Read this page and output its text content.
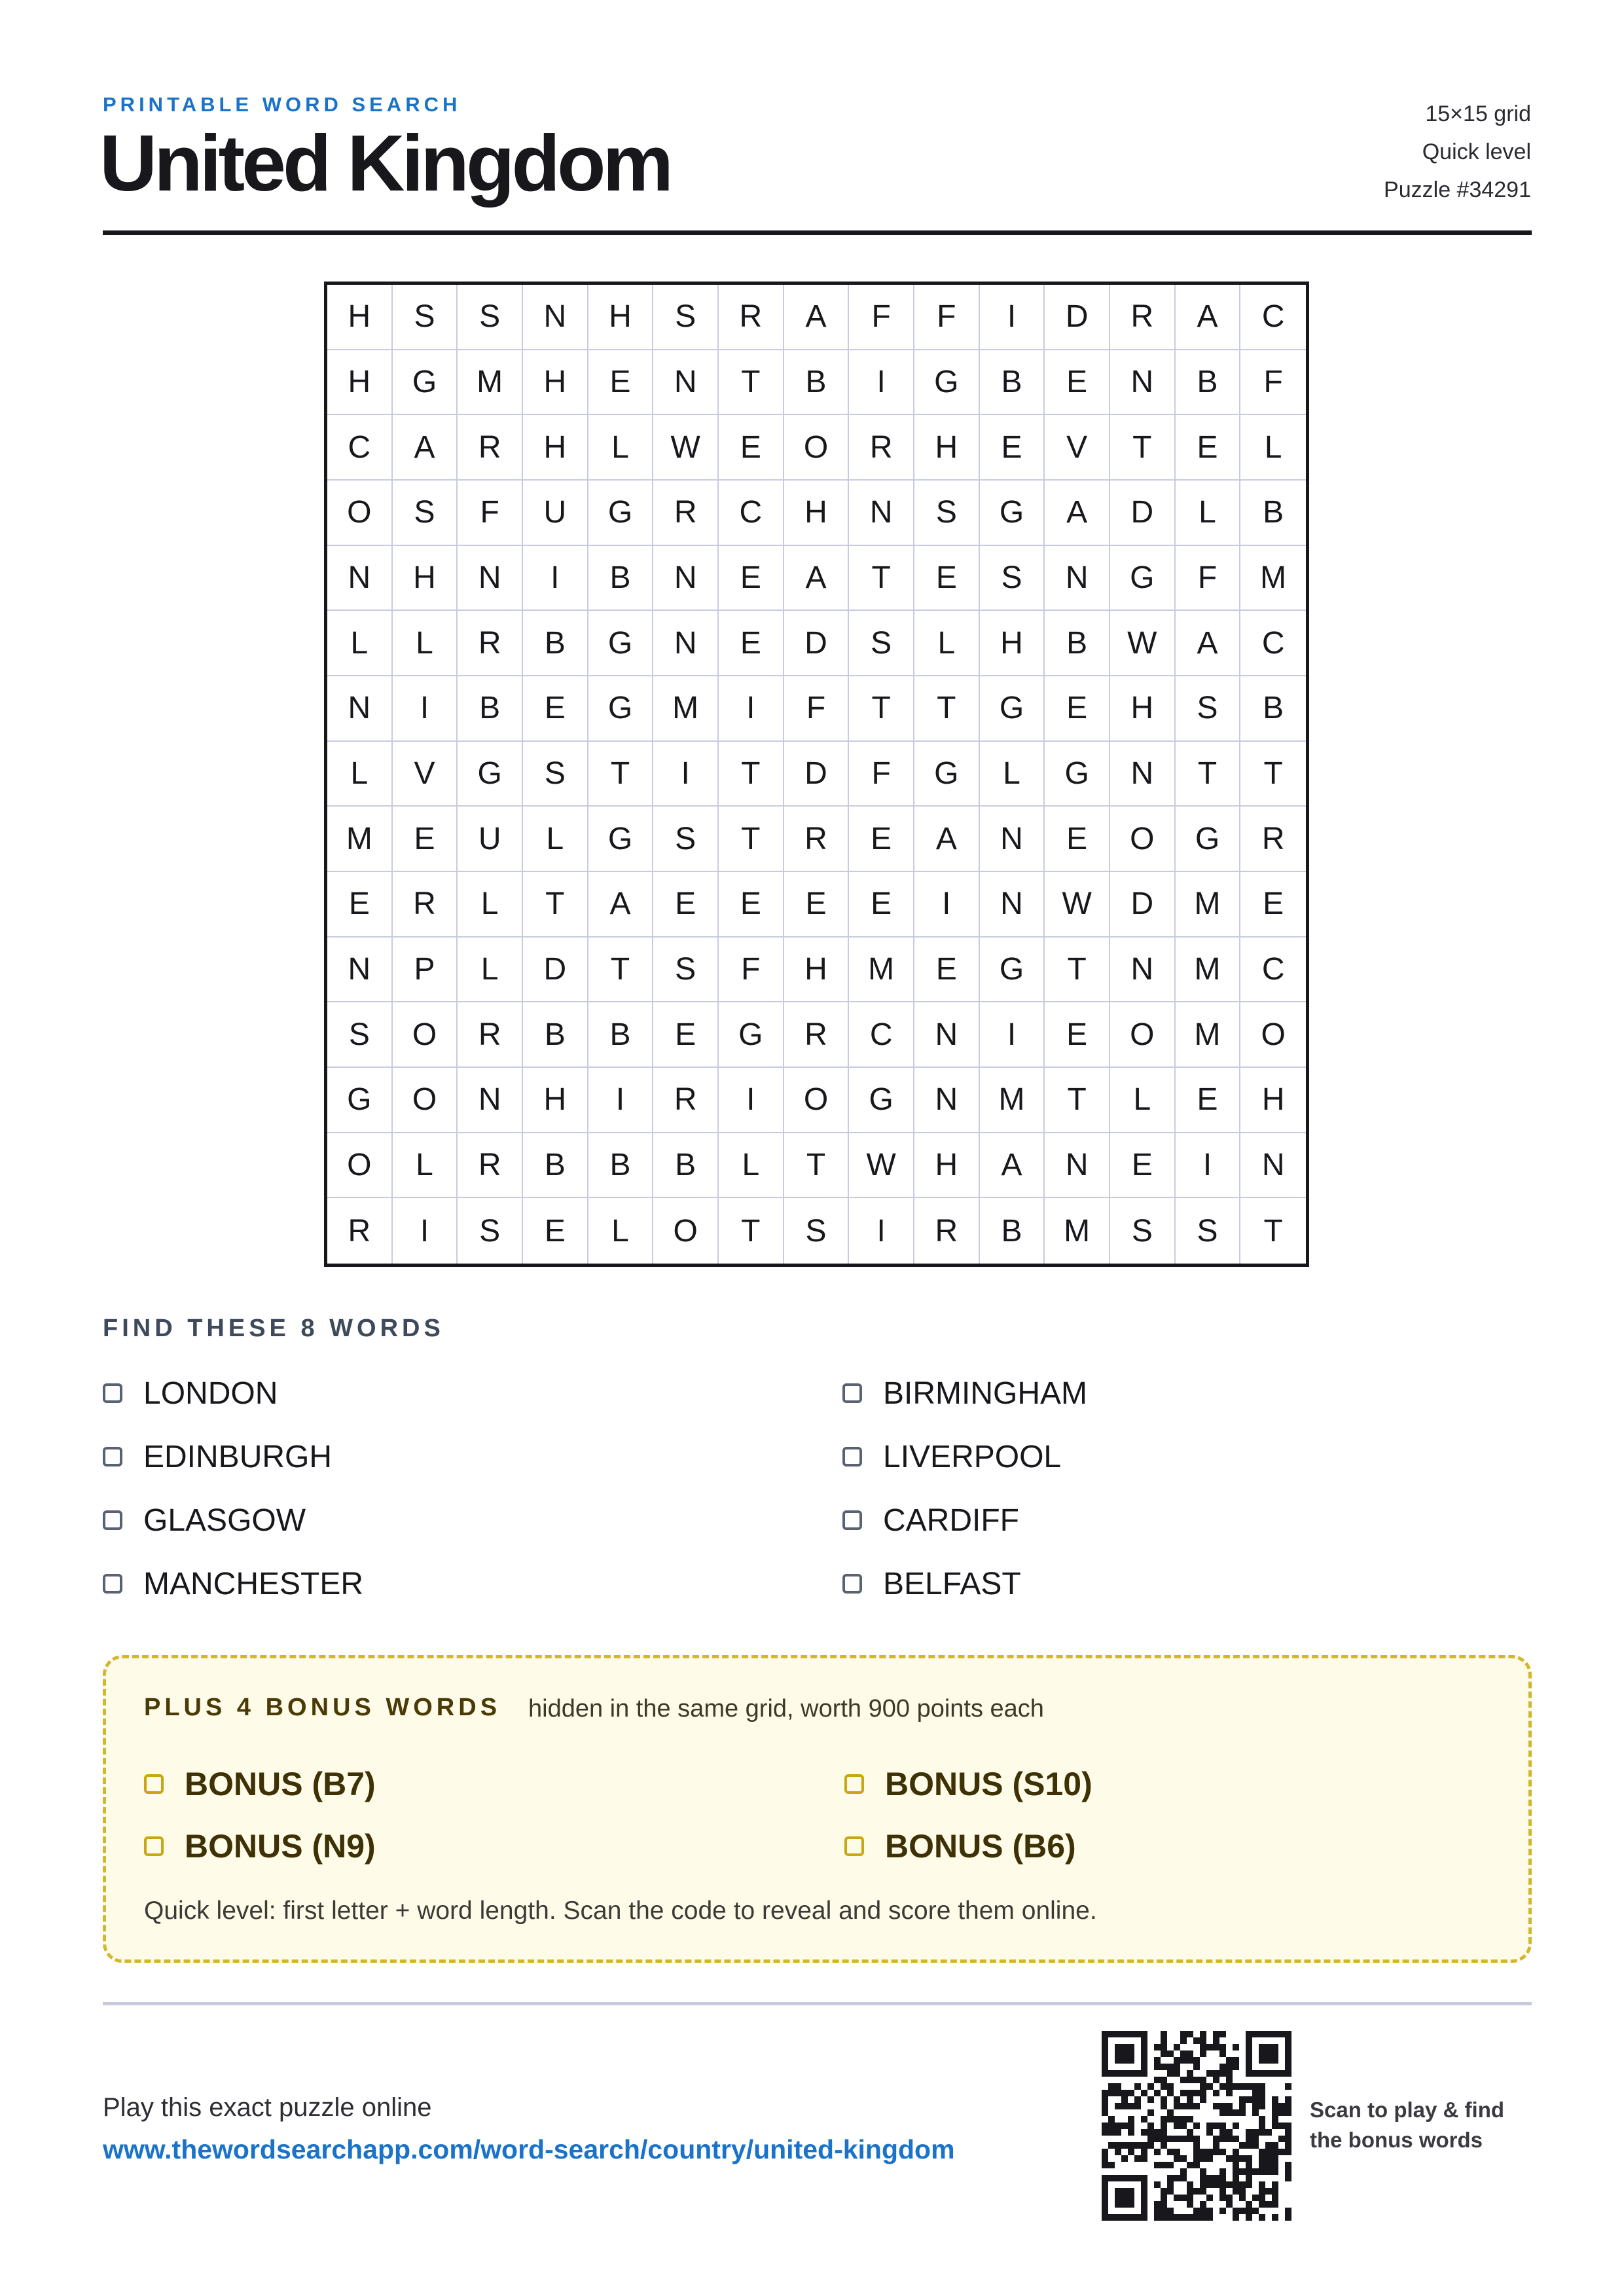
PRINTABLE WORD SEARCH
United Kingdom
15×15 grid
Quick level
Puzzle #34291
H	S	S	N	H	S	R	A	F	F	I	D	R	A	C
H	G	M	H	E	N	T	B	I	G	B	E	N	B	F
C	A	R	H	L	W	E	O	R	H	E	V	T	E	L
O	S	F	U	G	R	C	H	N	S	G	A	D	L	B
N	H	N	I	B	N	E	A	T	E	S	N	G	F	M
L	L	R	B	G	N	E	D	S	L	H	B	W	A	C
N	I	B	E	G	M	I	F	T	T	G	E	H	S	B
L	V	G	S	T	I	T	D	F	G	L	G	N	T	T
M	E	U	L	G	S	T	R	E	A	N	E	O	G	R
E	R	L	T	A	E	E	E	E	I	N	W	D	M	E
N	P	L	D	T	S	F	H	M	E	G	T	N	M	C
S	O	R	B	B	E	G	R	C	N	I	E	O	M	O
G	O	N	H	I	R	I	O	G	N	M	T	L	E	H
O	L	R	B	B	B	L	T	W	H	A	N	E	I	N
R	I	S	E	L	O	T	S	I	R	B	M	S	S	T
FIND THESE 8 WORDS
LONDON	BIRMINGHAM
EDINBURGH	LIVERPOOL
GLASGOW	CARDIFF
MANCHESTER	BELFAST
PLUS 4 BONUS WORDS hidden in the same grid, worth 900 points each
BONUS (B7)	BONUS (S10)
BONUS (N9)	BONUS (B6)
Quick level: first letter + word length. Scan the code to reveal and score them online.
Play this exact puzzle online
www.thewordsearchapp.com/word-search/country/united-kingdom
Scan to play & find
the bonus words
